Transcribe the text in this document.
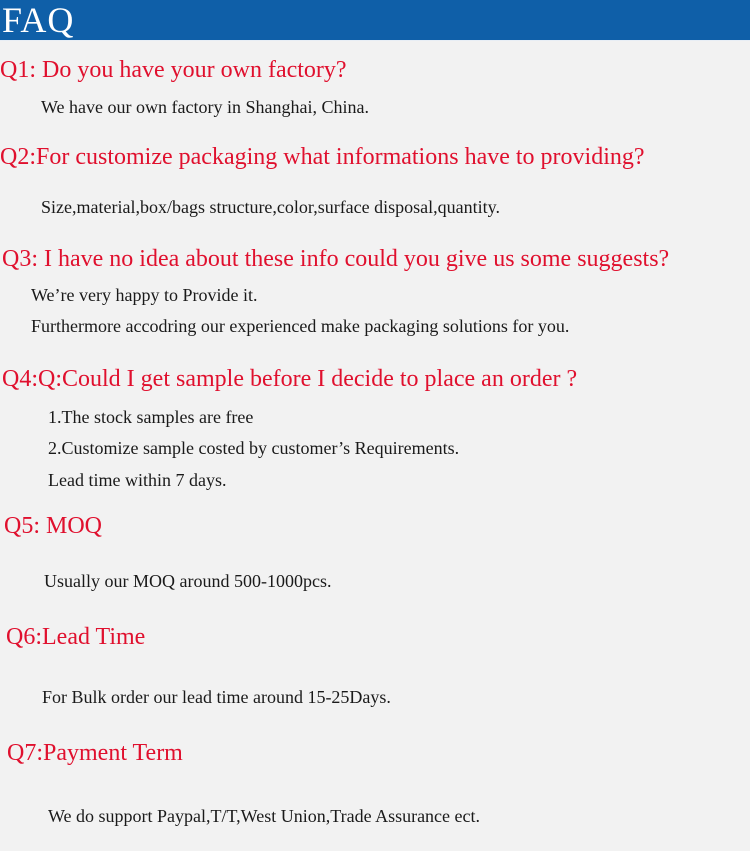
FAQ
Q1: Do you have your own factory?
We have our own factory in Shanghai, China.
Q2:For customize packaging what informations have to providing?
Size,material,box/bags structure,color,surface disposal,quantity.
Q3: I have no idea about these info could you give us some suggests?
We’re very happy to Provide it.
Furthermore accodring our experienced make packaging solutions for you.
Q4:Q:Could I get sample before I decide to place an order ?
1.The stock samples are free
2.Customize sample costed by customer’s Requirements.
Lead time within 7 days.
Q5: MOQ
Usually our MOQ around 500-1000pcs.
Q6:Lead Time
For Bulk order our lead time around 15-25Days.
Q7:Payment Term
We do support Paypal,T/T,West Union,Trade Assurance ect.
